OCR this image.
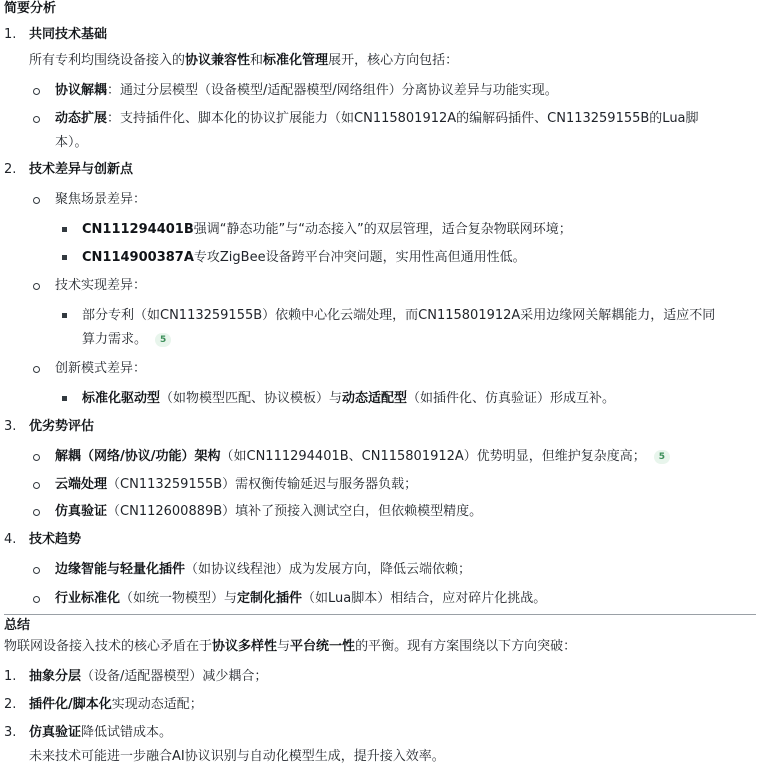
简要分析
1. 共同技术基础
所有专利均围绕设备接入的协议兼容性和标准化管理展开，核心方向包括：
协议解耦：通过分层模型（设备模型/适配器模型/网络组件）分离协议差异与功能实现。
动态扩展：支持插件化、脚本化的协议扩展能力（如CN115801912A的编解码插件、CN113259155B的Lua脚
本）。
2. 技术差异与创新点
聚焦场景差异：
CN111294401B强调“静态功能”与“动态接入”的双层管理，适合复杂物联网环境；
CN114900387A专攻ZigBee设备跨平台冲突问题，实用性高但通用性低。
技术实现差异：
部分专利（如CN113259155B）依赖中心化云端处理，而CN115801912A采用边缘网关解耦能力，适应不同
算力需求。 5
创新模式差异：
标准化驱动型（如物模型匹配、协议模板）与动态适配型（如插件化、仿真验证）形成互补。
3. 优劣势评估
解耦（网络/协议/功能）架构（如CN111294401B、CN115801912A）优势明显，但维护复杂度高； 5
云端处理（CN113259155B）需权衡传输延迟与服务器负载；
仿真验证（CN112600889B）填补了预接入测试空白，但依赖模型精度。
4. 技术趋势
边缘智能与轻量化插件（如协议线程池）成为发展方向，降低云端依赖；
行业标准化（如统一物模型）与定制化插件（如Lua脚本）相结合，应对碎片化挑战。
总结
物联网设备接入技术的核心矛盾在于协议多样性与平台统一性的平衡。现有方案围绕以下方向突破：
1. 抽象分层（设备/适配器模型）减少耦合；
2. 插件化/脚本化实现动态适配；
3. 仿真验证降低试错成本。
未来技术可能进一步融合AI协议识别与自动化模型生成，提升接入效率。
